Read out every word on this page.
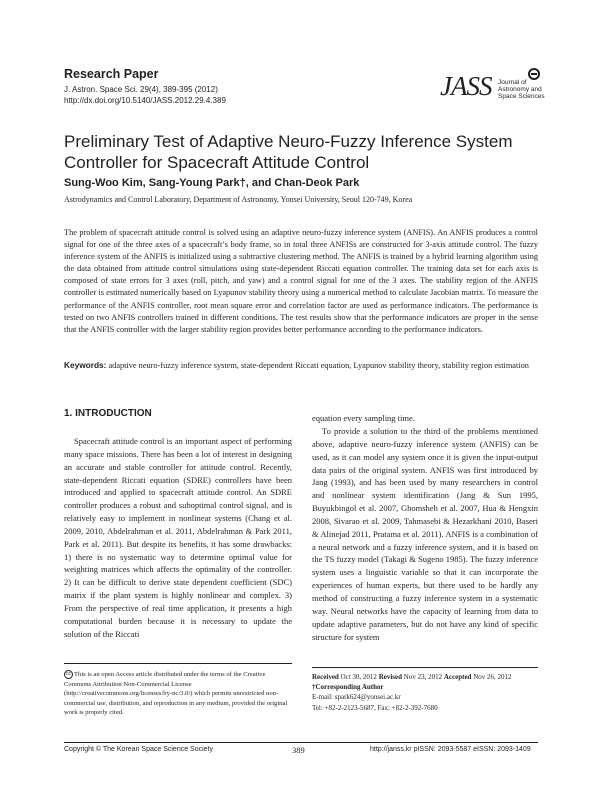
Research Paper
J. Astron. Space Sci. 29(4), 389-395 (2012)
http://dx.doi.org/10.5140/JASS.2012.29.4.389	JASS Journal of
Astronomy and
Space Sciences
Preliminary Test of Adaptive Neuro-Fuzzy Inference System Controller for Spacecraft Attitude Control
Sung-Woo Kim, Sang-Young Park†, and Chan-Deok Park
Astrodynamics and Control Laboratory, Department of Astronomy, Yonsei University, Seoul 120-749, Korea

The problem of spacecraft attitude control is solved using an adaptive neuro-fuzzy inference system (ANFIS). An ANFIS produces a control signal for one of the three axes of a spacecraft’s body frame, so in total three ANFISs are constructed for 3-axis attitude control. The fuzzy inference system of the ANFIS is initialized using a subtractive clustering method. The ANFIS is trained by a hybrid learning algorithm using the data obtained from attitude control simulations using state-dependent Riccati equation controller. The training data set for each axis is composed of state errors for 3 axes (roll, pitch, and yaw) and a control signal for one of the 3 axes. The stability region of the ANFIS controller is estimated numerically based on Lyapunov stability theory using a numerical method to calculate Jacobian matrix. To measure the performance of the ANFIS controller, root mean square error and correlation factor are used as performance indicators. The performance is tested on two ANFIS controllers trained in different conditions. The test results show that the performance indicators are proper in the sense that the ANFIS controller with the larger stability region provides better performance according to the performance indicators.

Keywords: adaptive neuro-fuzzy inference system, state-dependent Riccati equation, Lyapunov stability theory, stability region estimation

1. INTRODUCTION

Spacecraft attitude control is an important aspect of performing many space missions. There has been a lot of interest in designing an accurate and stable controller for attitude control. Recently, state-dependent Riccati equation (SDRE) controllers have been introduced and applied to spacecraft attitude control. An SDRE controller produces a robust and suboptimal control signal, and is relatively easy to implement in nonlinear systems (Chang et al. 2009, 2010, Abdelrahman et al. 2011, Abdelrahman & Park 2011, Park et al. 2011). But despite its benefits, it has some drawbacks: 1) there is no systematic way to determine optimal value for weighting matrices which affects the optimality of the controller. 2) It can be difficult to derive state dependent coefficient (SDC) matrix if the plant system is highly nonlinear and complex. 3) From the perspective of real time application, it presents a high computational burden because it is necessary to update the solution of the Riccati

equation every sampling time.

To provide a solution to the third of the problems mentioned above, adaptive neuro-fuzzy inference system (ANFIS) can be used, as it can model any system once it is given the input-output data pairs of the original system. ANFIS was first introduced by Jang (1993), and has been used by many researchers in control and nonlinear system identification (Jang & Sun 1995, Buyukbingol et al. 2007, Ghomsheh et al. 2007, Hua & Hengxin 2008, Sivarao et al. 2009, Tahmasebi & Hezarkhani 2010, Baseri & Alinejad 2011, Pratama et al. 2011). ANFIS is a combination of a neural network and a fuzzy inference system, and it is based on the TS fuzzy model (Takagi & Sugeno 1985). The fuzzy inference system uses a linguistic variable so that it can incorporate the experiences of human experts, but there used to be hardly any method of constructing a fuzzy inference system in a systematic way. Neural networks have the capacity of learning from data to update adaptive parameters, but do not have any kind of specific structure for system

cc This is an open Access article distributed under the terms of the Creative Commons Attribution Non-Commercial License (http://creativecommons.org/licenses/by-nc/3.0/) which permits unrestricted non-commercial use, distribution, and reproduction in any medium, provided the original work is properly cited.

Received Oct 30, 2012 Revised Nov 23, 2012 Accepted Nov 26, 2012
†Corresponding Author
E-mail: spark624@yonsei.ac.kr
Tel: +82-2-2123-5687, Fax: +82-2-392-7680
Copyright © The Korean Space Science Society	389	http://janss.kr pISSN: 2093-5587 eISSN: 2093-1409
